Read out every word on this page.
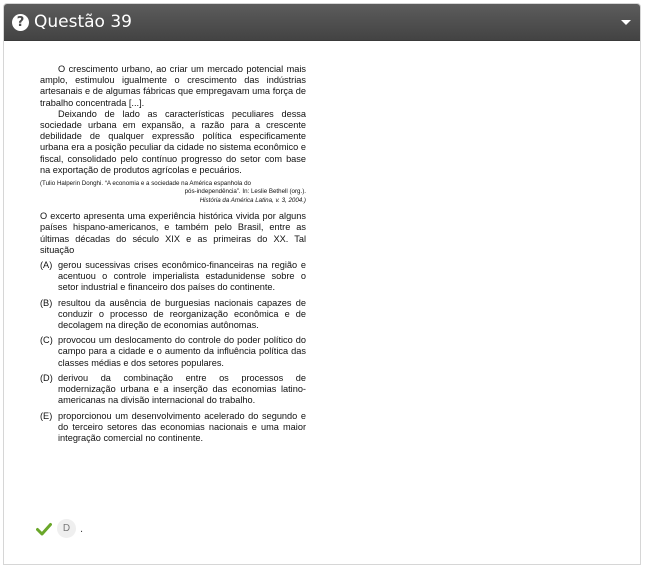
? Questão 39

O crescimento urbano, ao criar um mercado potencial mais amplo, estimulou igualmente o crescimento das indústrias artesanais e de algumas fábricas que empregavam uma força de trabalho concentrada [...].

Deixando de lado as características peculiares dessa sociedade urbana em expansão, a razão para a crescente debilidade de qualquer expressão política especificamente urbana era a posição peculiar da cidade no sistema econômico e fiscal, consolidado pelo contínuo progresso do setor com base na exportação de produtos agrícolas e pecuários.

(Tulio Halperin Donghi. “A economia e a sociedade na América espanhola do
pós-independência”. In: Leslie Bethell (org.).
História da América Latina, v. 3, 2004.)

O excerto apresenta uma experiência histórica vivida por alguns países hispano-americanos, e também pelo Brasil, entre as últimas décadas do século XIX e as primeiras do XX. Tal situação

(A) gerou sucessivas crises econômico-financeiras na região e acentuou o controle imperialista estadunidense sobre o setor industrial e financeiro dos países do continente.
(B) resultou da ausência de burguesias nacionais capazes de conduzir o processo de reorganização econômica e de decolagem na direção de economias autônomas.
(C) provocou um deslocamento do controle do poder político do campo para a cidade e o aumento da influência política das classes médias e dos setores populares.
(D) derivou da combinação entre os processos de modernização urbana e a inserção das economias latino-americanas na divisão internacional do trabalho.
(E) proporcionou um desenvolvimento acelerado do segundo e do terceiro setores das economias nacionais e uma maior integração comercial no continente.
D .
